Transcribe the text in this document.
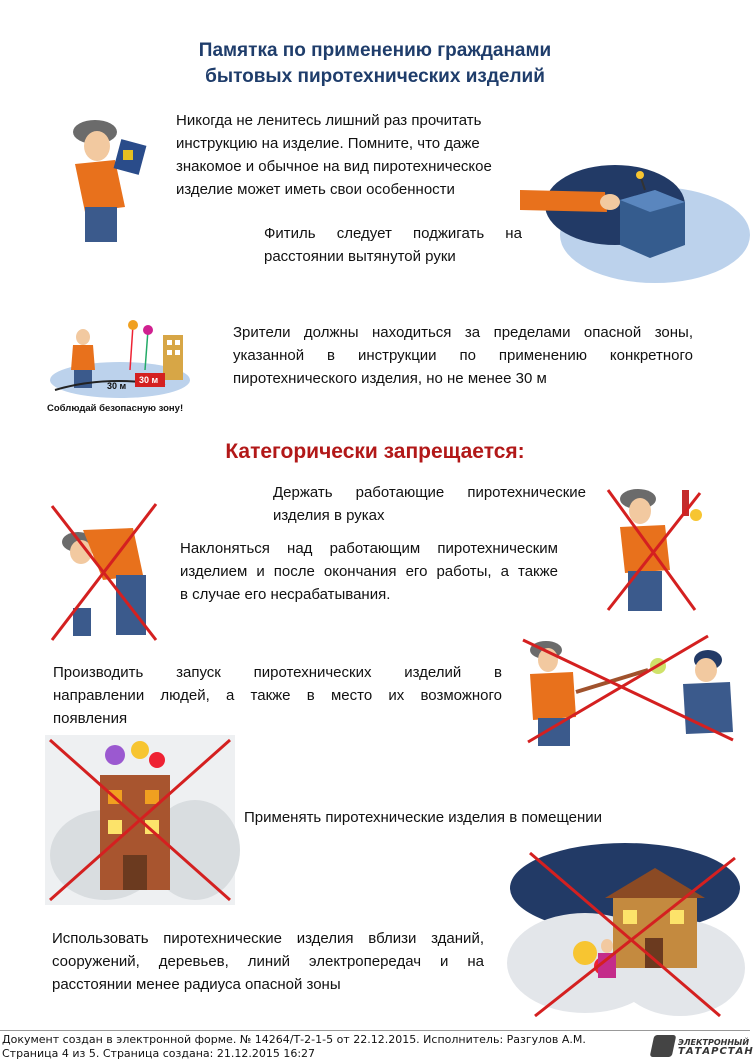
Памятка по применению гражданами
бытовых пиротехнических изделий
Никогда не ленитесь лишний раз прочитать
инструкцию на изделие. Помните, что даже
знакомое и обычное на вид пиротехническое
изделие может иметь свои особенности
Фитиль следует поджигать на
расстоянии вытянутой руки
30 м
30 м
Соблюдай безопасную зону!
Зрители должны находиться за пределами опасной зоны,
указанной в инструкции по применению конкретного
пиротехнического изделия, но не менее 30 м
Категорически запрещается:
Держать работающие пиротехнические
изделия в руках
Наклоняться над работающим пиротехническим
изделием и после окончания его работы, а также
в случае его несрабатывания.
Производить запуск пиротехнических изделий в
направлении людей, а также в место их возможного
появления
Применять пиротехнические изделия в помещении
Использовать пиротехнические изделия вблизи зданий,
сооружений, деревьев, линий электропередач и на
расстоянии менее радиуса опасной зоны
Документ создан в электронной форме. № 14264/Т-2-1-5 от 22.12.2015. Исполнитель: Разгулов А.М.
Страница 4 из 5. Страница создана: 21.12.2015 16:27
ЭЛЕКТРОННЫЙ
ТАТАРСТАН
